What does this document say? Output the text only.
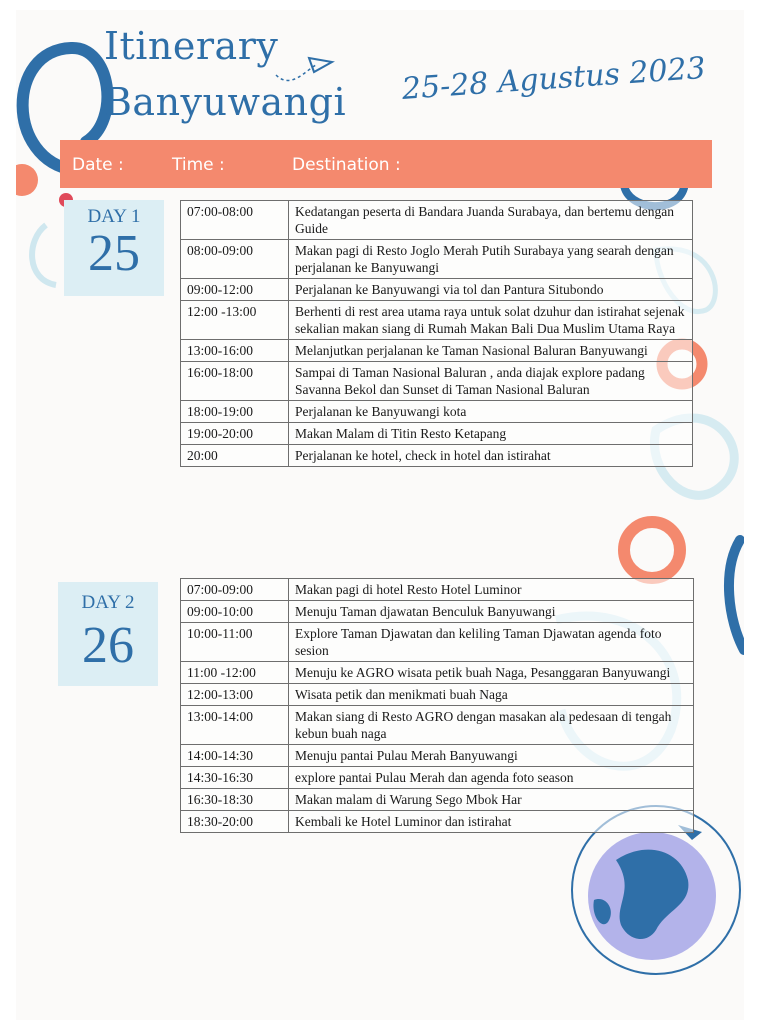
Itinerary
Banyuwangi 25-28 Agustus 2023
Date :	Time :	Destination :
DAY 1
25
07:00-08:00	Kedatangan peserta di Bandara Juanda Surabaya, dan bertemu dengan Guide
08:00-09:00	Makan pagi di Resto Joglo Merah Putih Surabaya yang searah dengan perjalanan ke Banyuwangi
09:00-12:00	Perjalanan ke Banyuwangi via tol dan Pantura Situbondo
12:00 -13:00	Berhenti di rest area utama raya untuk solat dzuhur dan istirahat sejenak sekalian makan siang di Rumah Makan Bali Dua Muslim Utama Raya
13:00-16:00	Melanjutkan perjalanan ke Taman Nasional Baluran Banyuwangi
16:00-18:00	Sampai di Taman Nasional Baluran , anda diajak explore padang Savanna Bekol dan Sunset di Taman Nasional Baluran
18:00-19:00	Perjalanan ke Banyuwangi kota
19:00-20:00	Makan Malam di Titin Resto Ketapang
20:00	Perjalanan ke hotel, check in hotel dan istirahat
DAY 2
26
07:00-09:00	Makan pagi di hotel Resto Hotel Luminor
09:00-10:00	Menuju Taman djawatan Benculuk Banyuwangi
10:00-11:00	Explore Taman Djawatan dan keliling Taman Djawatan agenda foto sesion
11:00 -12:00	Menuju ke AGRO wisata petik buah Naga, Pesanggaran Banyuwangi
12:00-13:00	Wisata petik dan menikmati buah Naga
13:00-14:00	Makan siang di Resto AGRO dengan masakan ala pedesaan di tengah kebun buah naga
14:00-14:30	Menuju pantai Pulau Merah Banyuwangi
14:30-16:30	explore pantai Pulau Merah dan agenda foto season
16:30-18:30	Makan malam di Warung Sego Mbok Har
18:30-20:00	Kembali ke Hotel Luminor dan istirahat
